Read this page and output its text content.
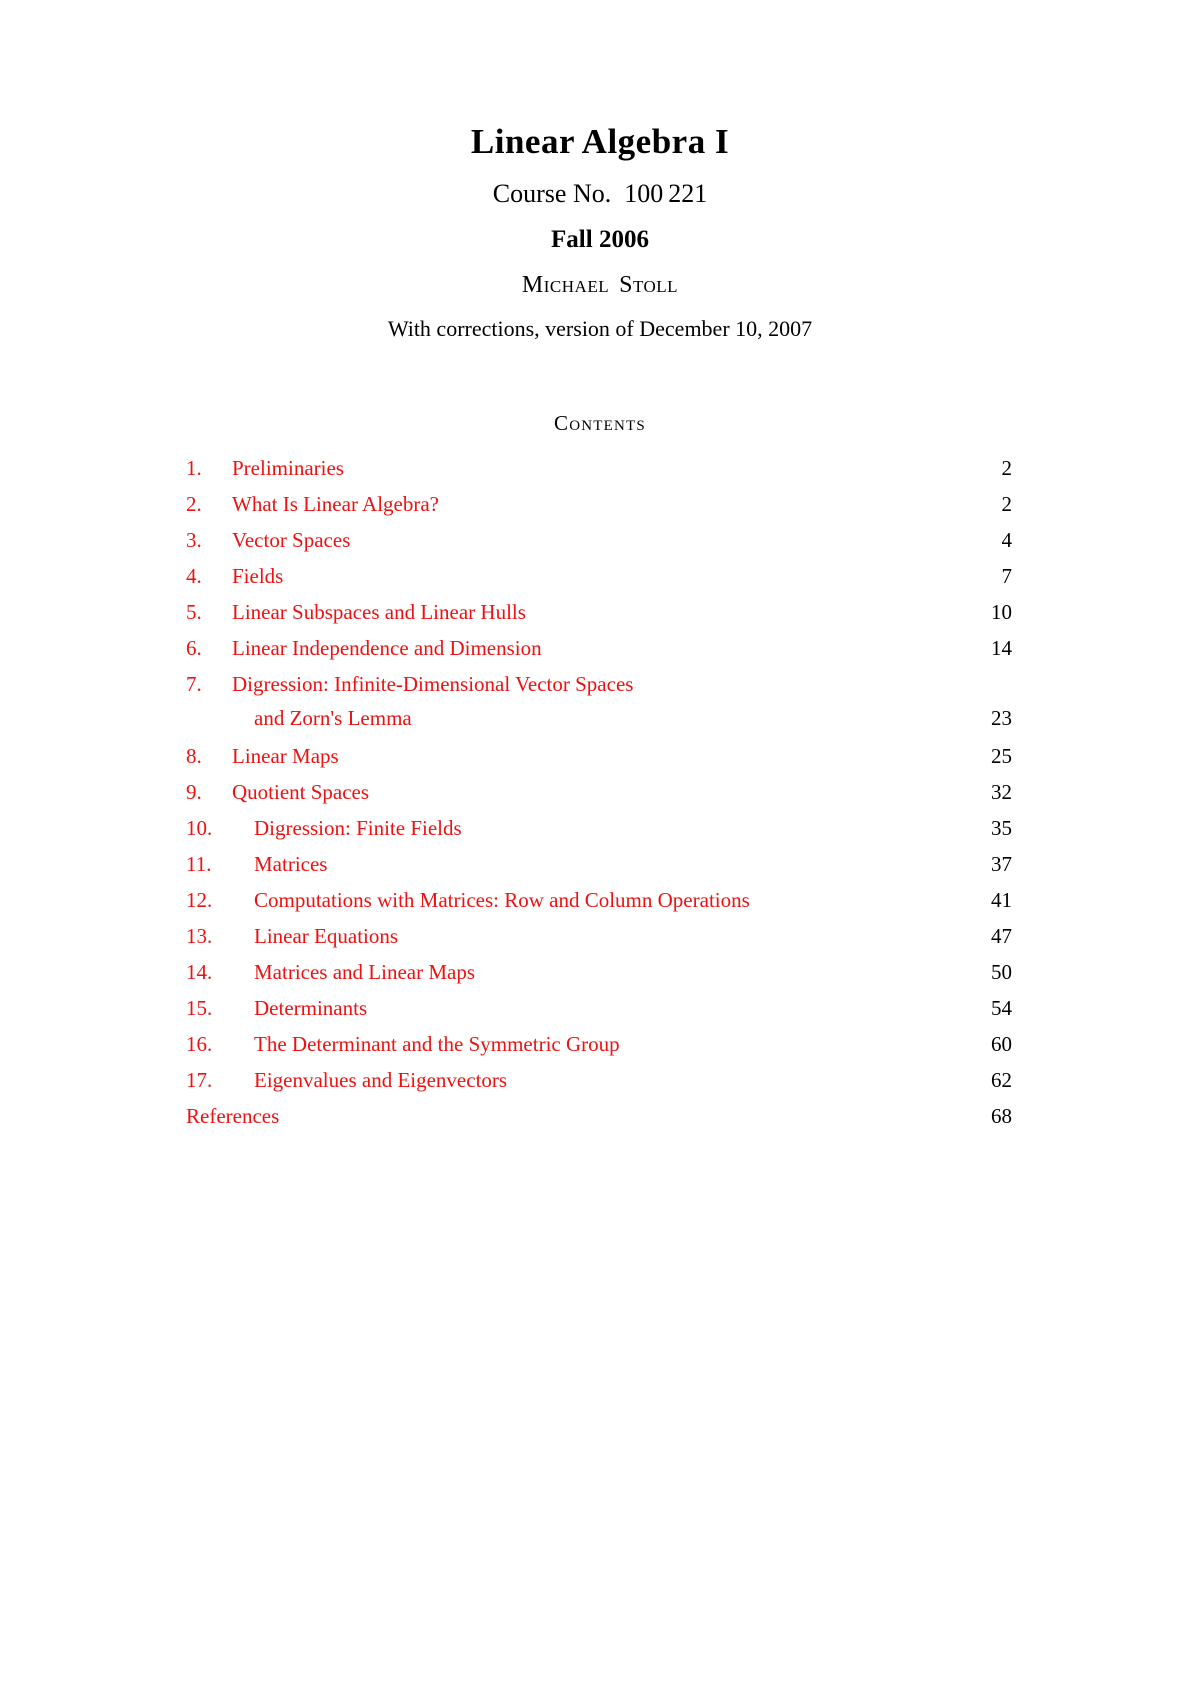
Linear Algebra I
Course No. 100 221
Fall 2006
Michael Stoll
With corrections, version of December 10, 2007
Contents
1.	Preliminaries	2
2.	What Is Linear Algebra?	2
3.	Vector Spaces	4
4.	Fields	7
5.	Linear Subspaces and Linear Hulls	10
6.	Linear Independence and Dimension	14
7.	Digression: Infinite-Dimensional Vector Spaces
and Zorn's Lemma	23
8.	Linear Maps	25
9.	Quotient Spaces	32
10.	Digression: Finite Fields	35
11.	Matrices	37
12.	Computations with Matrices: Row and Column Operations	41
13.	Linear Equations	47
14.	Matrices and Linear Maps	50
15.	Determinants	54
16.	The Determinant and the Symmetric Group	60
17.	Eigenvalues and Eigenvectors	62
References	68
